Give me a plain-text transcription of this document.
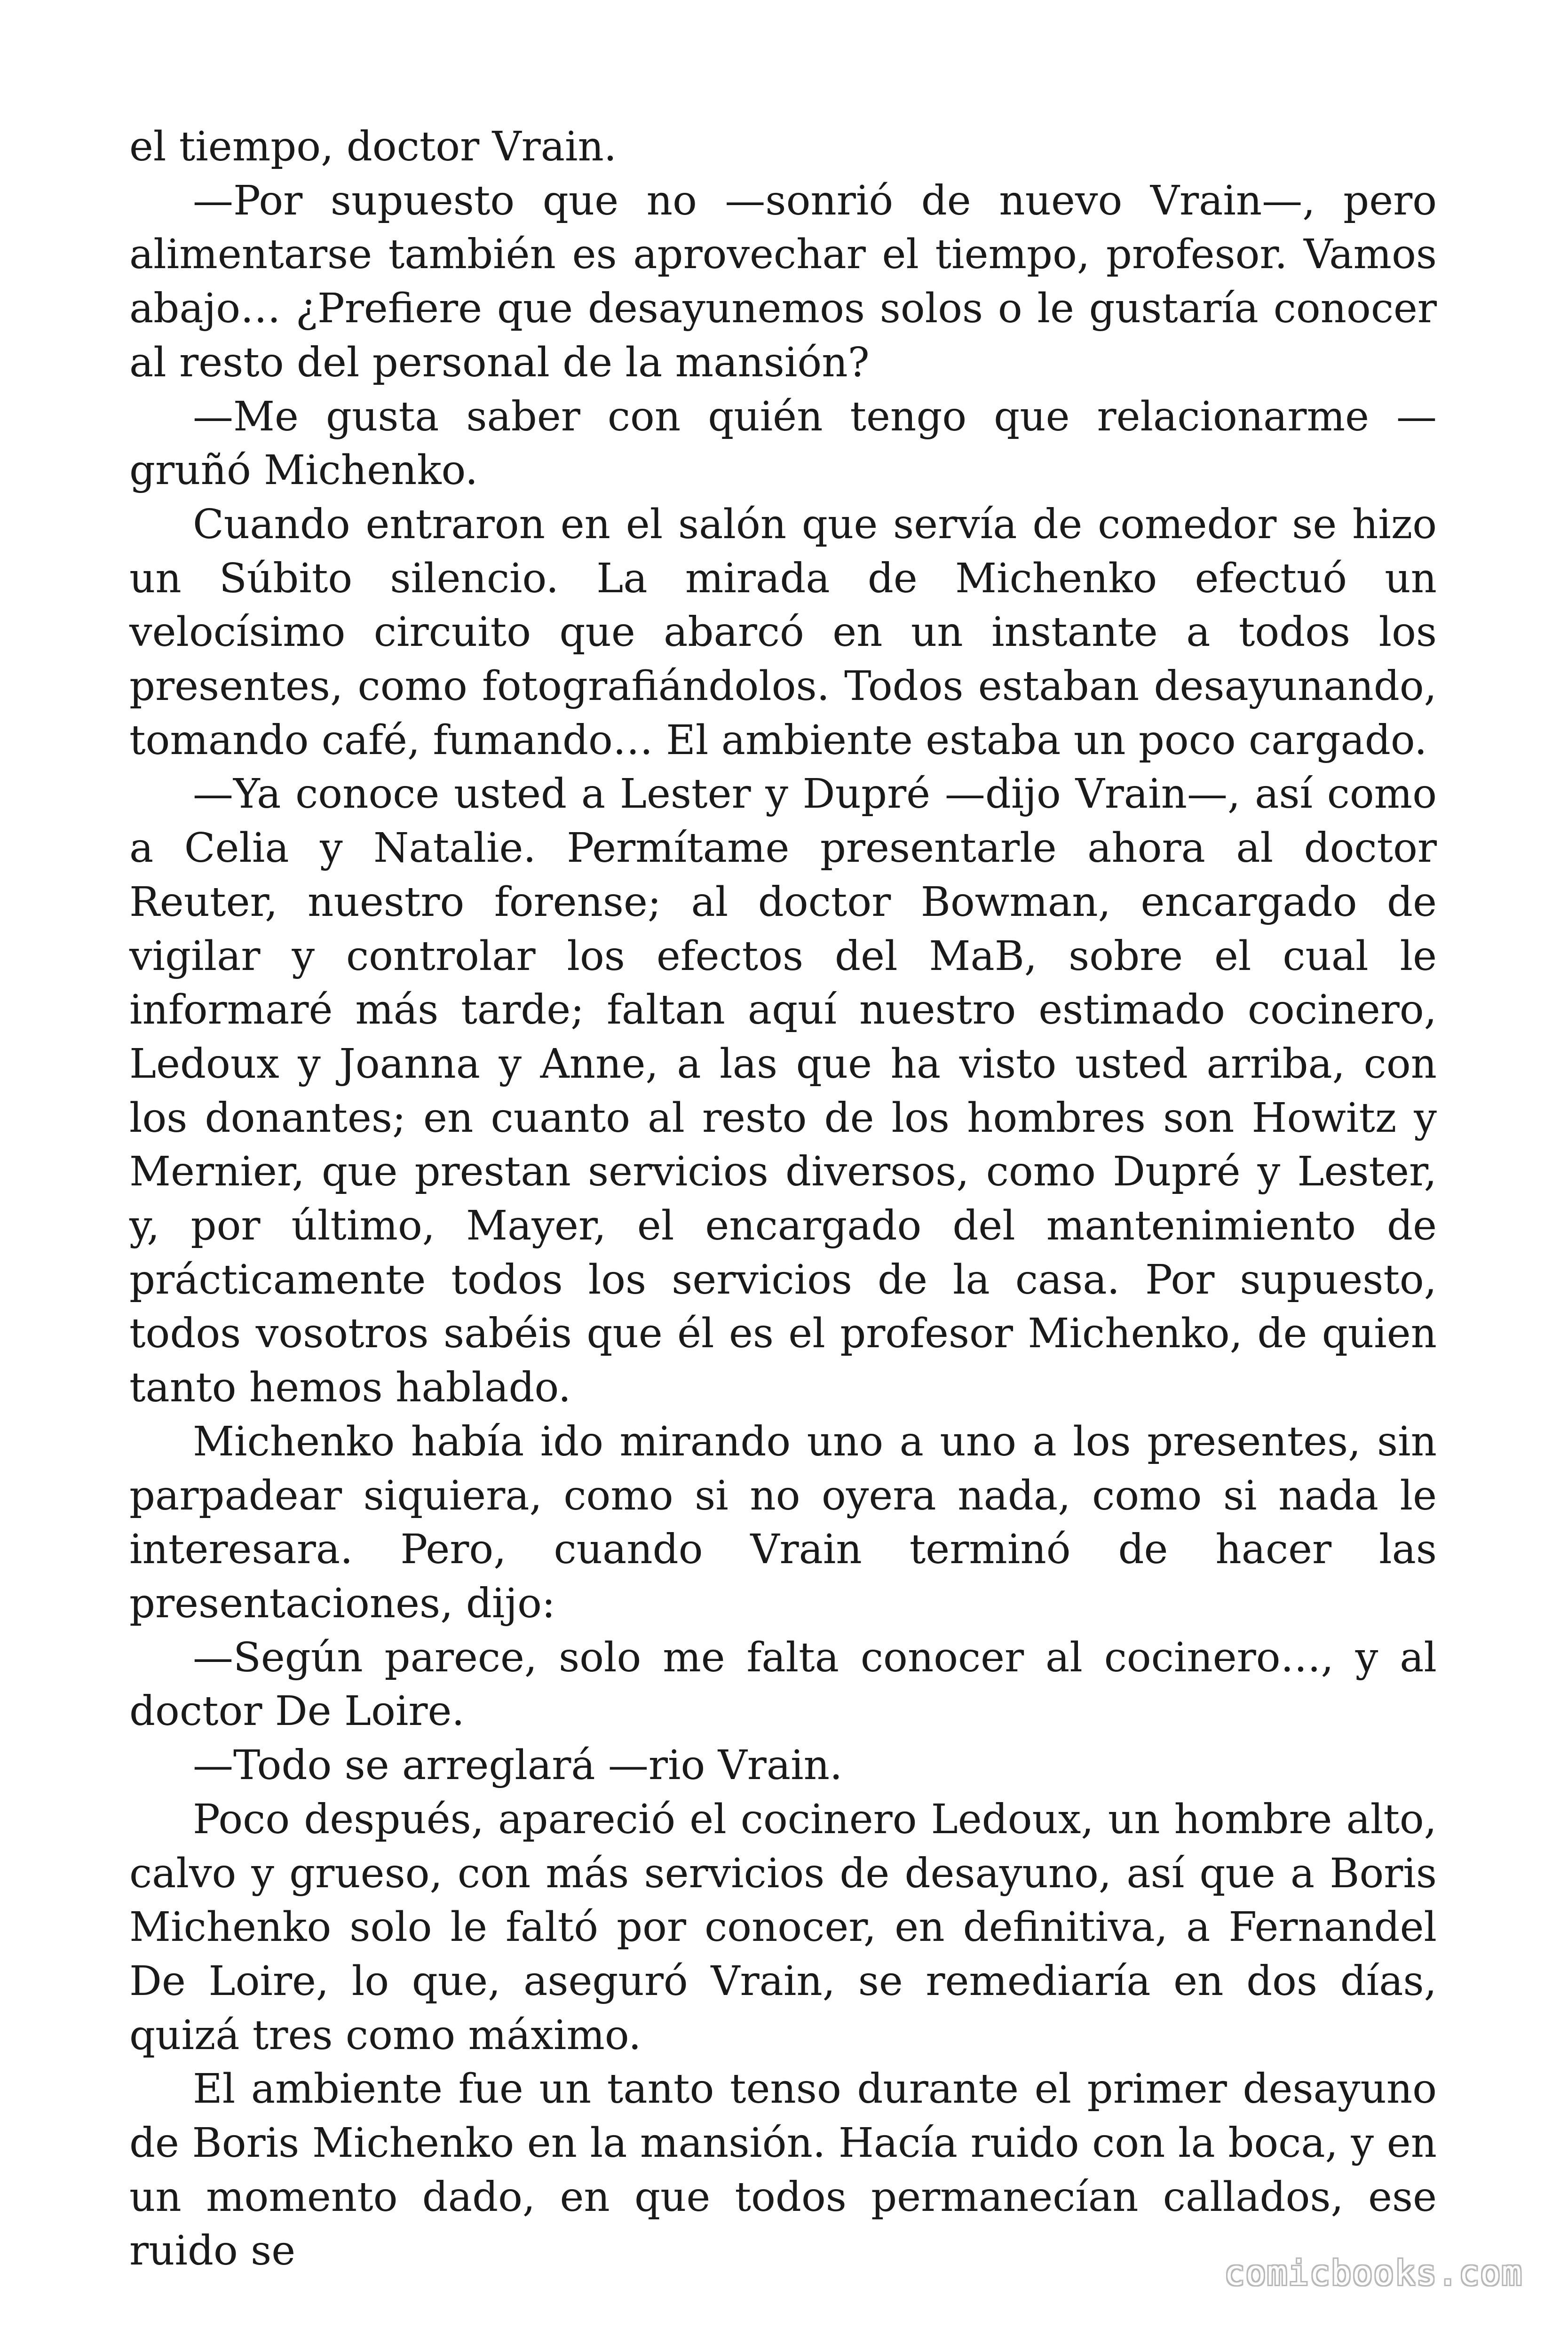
el tiempo, doctor Vrain.

—Por supuesto que no —sonrió de nuevo Vrain—, pero alimentarse también es aprovechar el tiempo, profesor. Vamos abajo… ¿Prefiere que desayunemos solos o le gustaría conocer al resto del personal de la mansión?

—Me gusta saber con quién tengo que relacionarme —gruñó Michenko.

Cuando entraron en el salón que servía de comedor se hizo un Súbito silencio. La mirada de Michenko efectuó un velocísimo circuito que abarcó en un instante a todos los presentes, como fotografiándolos. Todos estaban desayunando, tomando café, fumando… El ambiente estaba un poco cargado.

—Ya conoce usted a Lester y Dupré —dijo Vrain—, así como a Celia y Natalie. Permítame presentarle ahora al doctor Reuter, nuestro forense; al doctor Bowman, encargado de vigilar y controlar los efectos del MaB, sobre el cual le informaré más tarde; faltan aquí nuestro estimado cocinero, Ledoux y Joanna y Anne, a las que ha visto usted arriba, con los donantes; en cuanto al resto de los hombres son Howitz y Mernier, que prestan servicios diversos, como Dupré y Lester, y, por último, Mayer, el encargado del mantenimiento de prácticamente todos los servicios de la casa. Por supuesto, todos vosotros sabéis que él es el profesor Michenko, de quien tanto hemos hablado.

Michenko había ido mirando uno a uno a los presentes, sin parpadear siquiera, como si no oyera nada, como si nada le interesara. Pero, cuando Vrain terminó de hacer las presentaciones, dijo:

—Según parece, solo me falta conocer al cocinero…, y al doctor De Loire.

—Todo se arreglará —rio Vrain.

Poco después, apareció el cocinero Ledoux, un hombre alto, calvo y grueso, con más servicios de desayuno, así que a Boris Michenko solo le faltó por conocer, en definitiva, a Fernandel De Loire, lo que, aseguró Vrain, se remediaría en dos días, quizá tres como máximo.

El ambiente fue un tanto tenso durante el primer desayuno de Boris Michenko en la mansión. Hacía ruido con la boca, y en un momento dado, en que todos permanecían callados, ese ruido se	comicbooks.com
